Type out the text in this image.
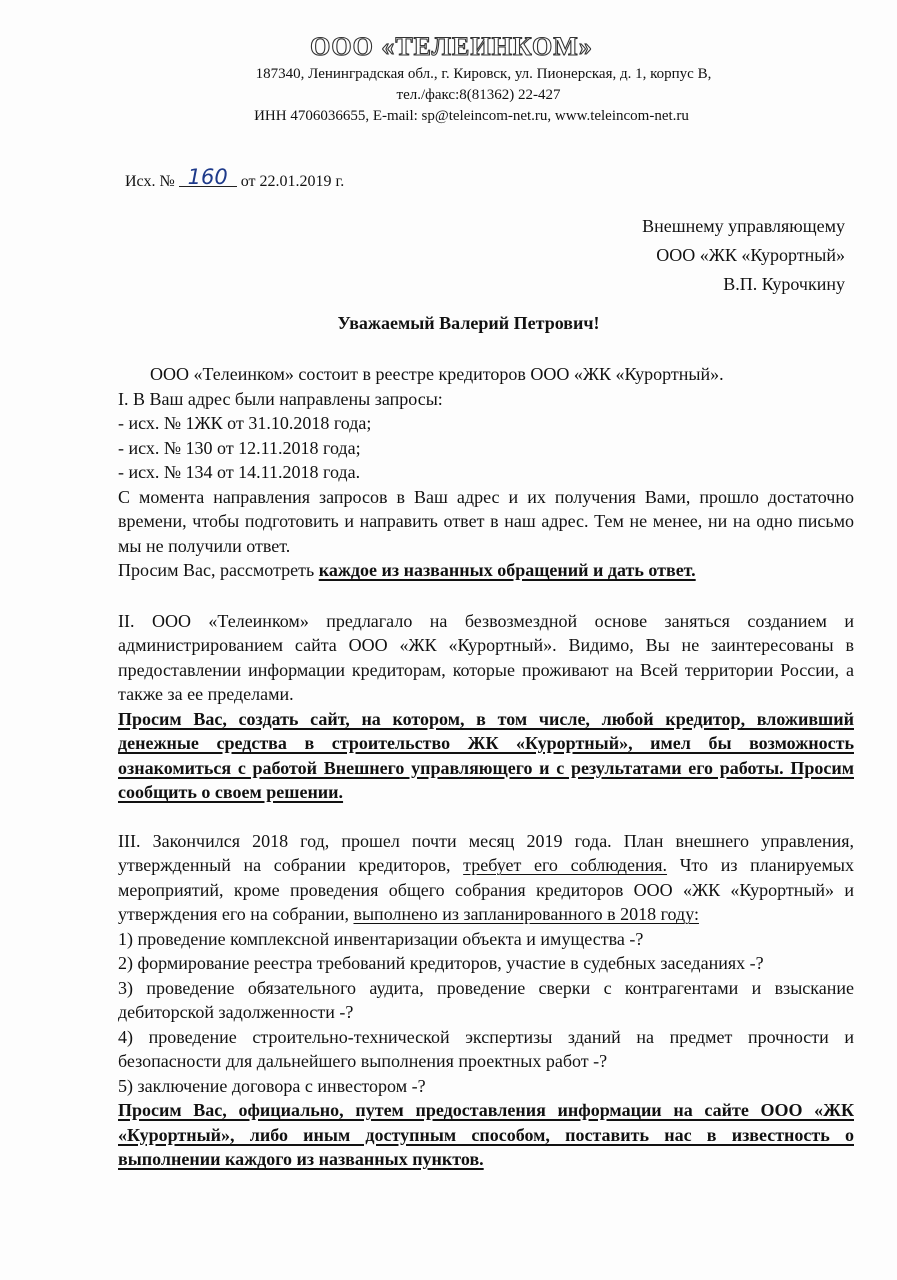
ООО «ТЕЛЕИНКОМ»
187340, Ленинградская обл., г. Кировск, ул. Пионерская, д. 1, корпус В,
тел./факс:8(81362) 22-427
ИНН 4706036655, E-mail: sp@teleincom-net.ru, www.teleincom-net.ru
Исх. № 160 от 22.01.2019 г.
Внешнему управляющему
ООО «ЖК «Курортный»
В.П. Курочкину
Уважаемый Валерий Петрович!

ООО «Телеинком» состоит в реестре кредиторов ООО «ЖК «Курортный».

I. В Ваш адрес были направлены запросы:

- исх. № 1ЖК от 31.10.2018 года;

- исх. № 130 от 12.11.2018 года;

- исх. № 134 от 14.11.2018 года.

С момента направления запросов в Ваш адрес и их получения Вами, прошло достаточно времени, чтобы подготовить и направить ответ в наш адрес. Тем не менее, ни на одно письмо мы не получили ответ.

Просим Вас, рассмотреть каждое из названных обращений и дать ответ.

II. ООО «Телеинком» предлагало на безвозмездной основе заняться созданием и администрированием сайта ООО «ЖК «Курортный». Видимо, Вы не заинтересованы в предоставлении информации кредиторам, которые проживают на Всей территории России, а также за ее пределами.

Просим Вас, создать сайт, на котором, в том числе, любой кредитор, вложивший денежные средства в строительство ЖК «Курортный», имел бы возможность ознакомиться с работой Внешнего управляющего и с результатами его работы. Просим сообщить о своем решении.

III. Закончился 2018 год, прошел почти месяц 2019 года. План внешнего управления, утвержденный на собрании кредиторов, требует его соблюдения. Что из планируемых мероприятий, кроме проведения общего собрания кредиторов ООО «ЖК «Курортный» и утверждения его на собрании, выполнено из запланированного в 2018 году:

1) проведение комплексной инвентаризации объекта и имущества -?

2) формирование реестра требований кредиторов, участие в судебных заседаниях -?

3) проведение обязательного аудита, проведение сверки с контрагентами и взыскание дебиторской задолженности -?

4) проведение строительно-технической экспертизы зданий на предмет прочности и безопасности для дальнейшего выполнения проектных работ -?

5) заключение договора с инвестором -?

Просим Вас, официально, путем предоставления информации на сайте ООО «ЖК «Курортный», либо иным доступным способом, поставить нас в известность о выполнении каждого из названных пунктов.
